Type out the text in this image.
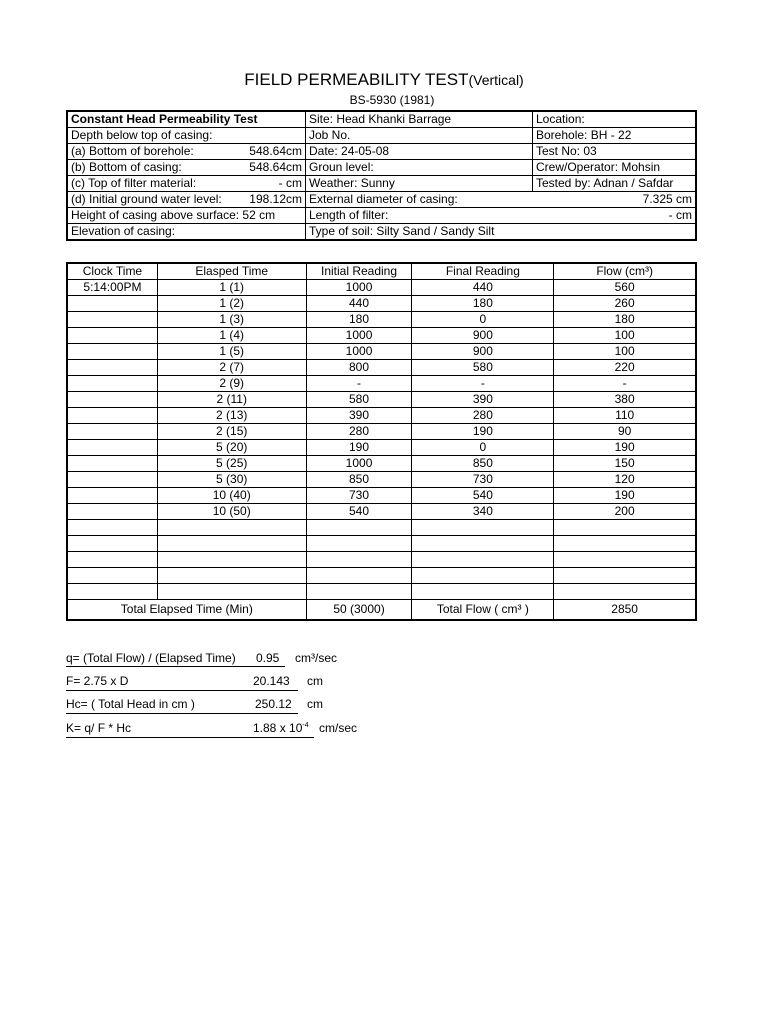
FIELD PERMEABILITY TEST(Vertical)
BS-5930 (1981)
Constant Head Permeability Test	Site: Head Khanki Barrage	Location:
Depth below top of casing:	Job No.	Borehole: BH - 22

(a) Bottom of borehole: 548.64cm	Date: 24-05-08	Test No: 03

(b) Bottom of casing: 548.64cm	Groun level:	Crew/Operator: Mohsin

(c) Top of filter material: - cm	Weather: Sunny	Tested by: Adnan / Safdar

(d) Initial ground water level: 198.12cm	External diameter of casing: 7.325 cm	

Height of casing above surface: 52 cm	Length of filter: - cm	

Elevation of casing:	Type of soil: Silty Sand / Sandy Silt	
Clock Time	Elasped Time	Initial Reading	Final Reading	Flow (cm³)
5:14:00PM	1 (1)	1000	440	560
	1 (2)	440	180	260
	1 (3)	180	0	180
	1 (4)	1000	900	100
	1 (5)	1000	900	100
	2 (7)	800	580	220
	2 (9)	-	-	-
	2 (11)	580	390	380
	2 (13)	390	280	110
	2 (15)	280	190	90
	5 (20)	190	0	190
	5 (25)	1000	850	150
	5 (30)	850	730	120
	10 (40)	730	540	190
	10 (50)	540	340	200

Total Elapsed Time (Min)		50 (3000)	Total Flow ( cm³ )	2850
q= (Total Flow) / (Elapsed Time) 0.95 cm³/sec
F= 2.75 x D	20.143 cm
Hc= ( Total Head in cm )	250.12 cm
K= q/ F * Hc	1.88 x $10^{-4}$ cm/sec
